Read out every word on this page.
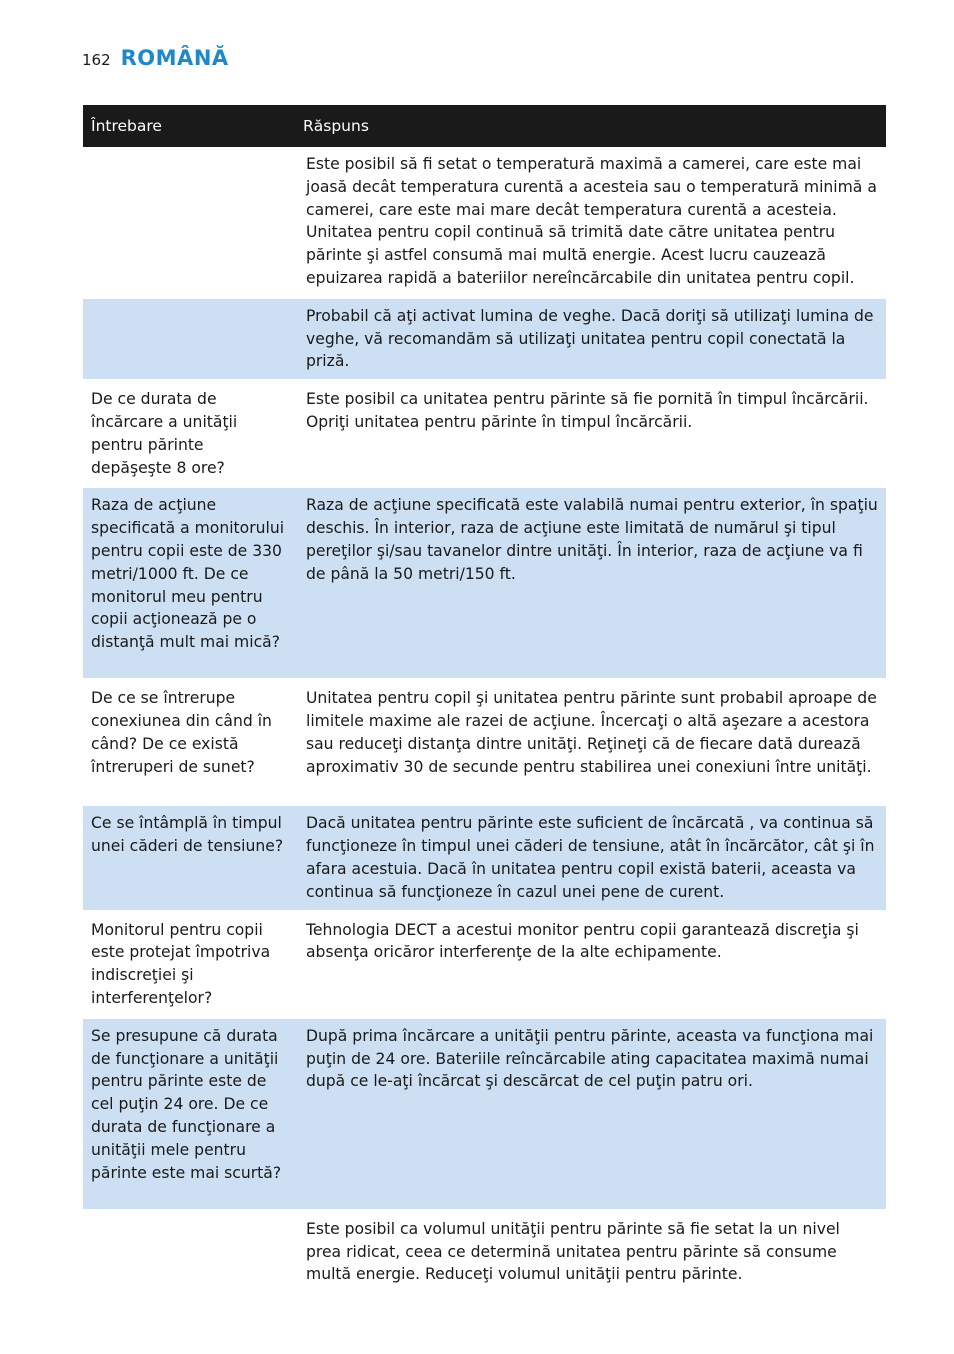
162 ROMÂNĂ
Întrebare	Răspuns
	Este posibil să fi setat o temperatură maximă a camerei, care este mai joasă decât temperatura curentă a acesteia sau o temperatură minimă a camerei, care este mai mare decât temperatura curentă a acesteia. Unitatea pentru copil continuă să trimită date către unitatea pentru părinte şi astfel consumă mai multă energie. Acest lucru cauzează epuizarea rapidă a bateriilor nereîncărcabile din unitatea pentru copil.
	Probabil că aţi activat lumina de veghe. Dacă doriţi să utilizaţi lumina de veghe, vă recomandăm să utilizaţi unitatea pentru copil conectată la priză.
De ce durata de încărcare a unităţii pentru părinte depăşeşte 8 ore?	Este posibil ca unitatea pentru părinte să fie pornită în timpul încărcării. Opriţi unitatea pentru părinte în timpul încărcării.
Raza de acţiune specificată a monitorului pentru copii este de 330 metri/1000 ft. De ce monitorul meu pentru copii acţionează pe o distanţă mult mai mică?	Raza de acţiune specificată este valabilă numai pentru exterior, în spaţiu deschis. În interior, raza de acţiune este limitată de numărul şi tipul pereţilor şi/sau tavanelor dintre unităţi. În interior, raza de acţiune va fi de până la 50 metri/150 ft.
De ce se întrerupe conexiunea din când în când? De ce există întreruperi de sunet?	Unitatea pentru copil şi unitatea pentru părinte sunt probabil aproape de limitele maxime ale razei de acţiune. Încercaţi o altă aşezare a acestora sau reduceţi distanţa dintre unităţi. Reţineţi că de fiecare dată durează aproximativ 30 de secunde pentru stabilirea unei conexiuni între unităţi.
Ce se întâmplă în timpul unei căderi de tensiune?	Dacă unitatea pentru părinte este suficient de încărcată , va continua să funcţioneze în timpul unei căderi de tensiune, atât în încărcător, cât şi în afara acestuia. Dacă în unitatea pentru copil există baterii, aceasta va continua să funcţioneze în cazul unei pene de curent.
Monitorul pentru copii este protejat împotriva indiscreţiei şi interferenţelor?	Tehnologia DECT a acestui monitor pentru copii garantează discreţia şi absenţa oricăror interferenţe de la alte echipamente.
Se presupune că durata de funcţionare a unităţii pentru părinte este de cel puţin 24 ore. De ce durata de funcţionare a unităţii mele pentru părinte este mai scurtă?	După prima încărcare a unităţii pentru părinte, aceasta va funcţiona mai puţin de 24 ore. Bateriile reîncărcabile ating capacitatea maximă numai după ce le-aţi încărcat şi descărcat de cel puţin patru ori.
	Este posibil ca volumul unităţii pentru părinte să fie setat la un nivel prea ridicat, ceea ce determină unitatea pentru părinte să consume multă energie. Reduceţi volumul unităţii pentru părinte.
